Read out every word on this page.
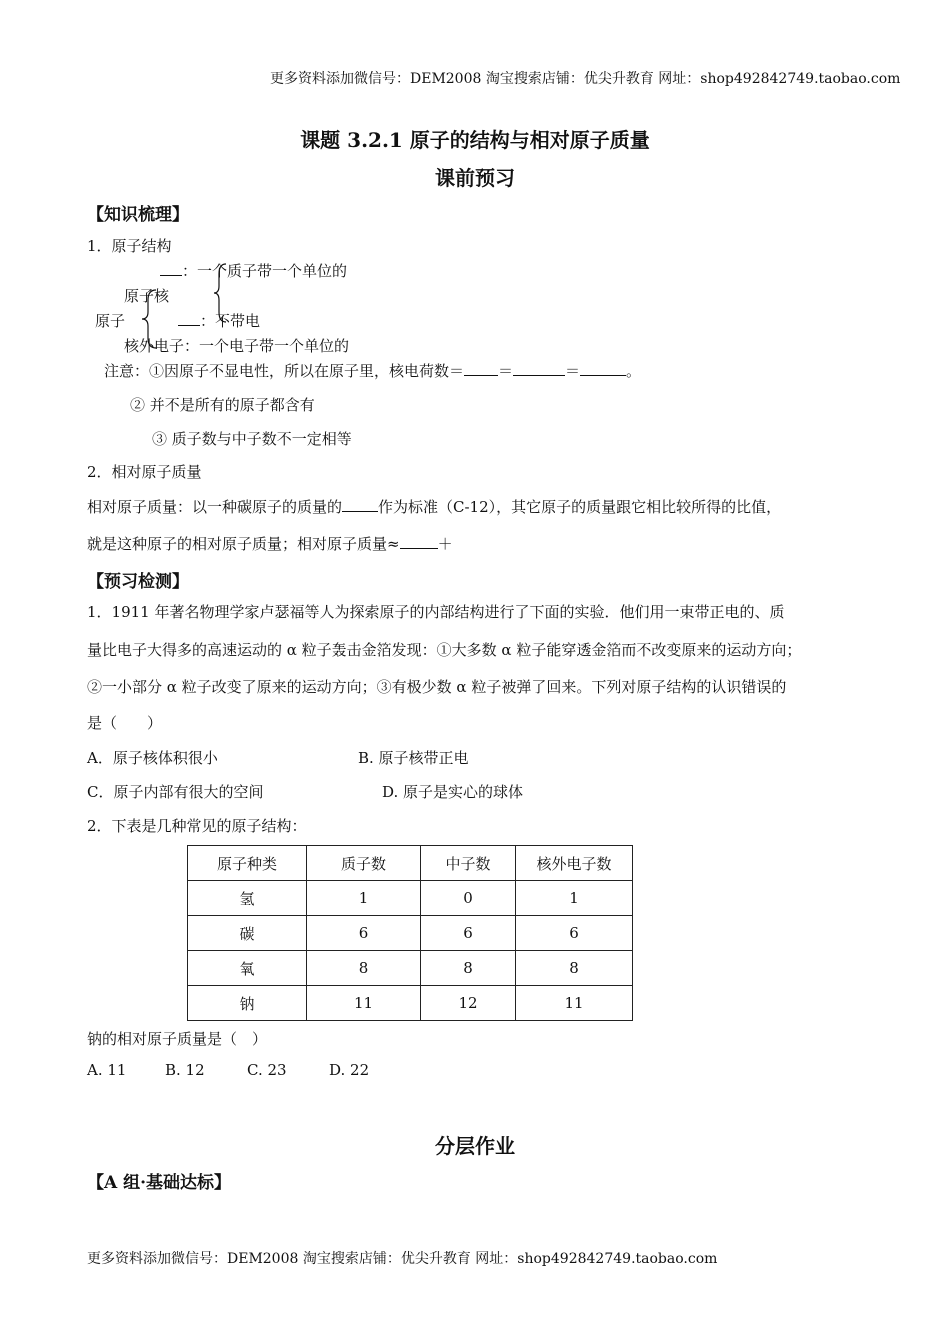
更多资料添加微信号：DEM2008 淘宝搜索店铺：优尖升教育 网址：shop492842749.taobao.com
课题 3.2.1 原子的结构与相对原子质量
课前预习
【知识梳理】
1．原子结构
：一个质子带一个单位的
原子核
原子	：不带电
核外电子：一个电子带一个单位的
注意：①因原子不显电性，所以在原子里，核电荷数＝ ＝	＝	。
② 并不是所有的原子都含有
③ 质子数与中子数不一定相等
2．相对原子质量
相对原子质量：以一种碳原子的质量的 作为标准（C-12），其它原子的质量跟它相比较所得的比值，
就是这种原子的相对原子质量；相对原子质量≈	＋
【预习检测】
1．1911 年著名物理学家卢瑟福等人为探索原子的内部结构进行了下面的实验．他们用一束带正电的、质
量比电子大得多的高速运动的 α 粒子轰击金箔发现：①大多数 α 粒子能穿透金箔而不改变原来的运动方向；
②一小部分 α 粒子改变了原来的运动方向；③有极少数 α 粒子被弹了回来。下列对原子结构的认识错误的
是（　　）
A．原子核体积很小	B. 原子核带正电
C．原子内部有很大的空间	D. 原子是实心的球体
2．下表是几种常见的原子结构：
原子种类	质子数	中子数	核外电子数
氢	1	0	1
碳	6	6	6
氧	8	8	8
钠	11	12	11
钠的相对原子质量是（　）
A. 11	B. 12	C. 23	D. 22
分层作业
【A 组·基础达标】
更多资料添加微信号：DEM2008 淘宝搜索店铺：优尖升教育 网址：shop492842749.taobao.com
